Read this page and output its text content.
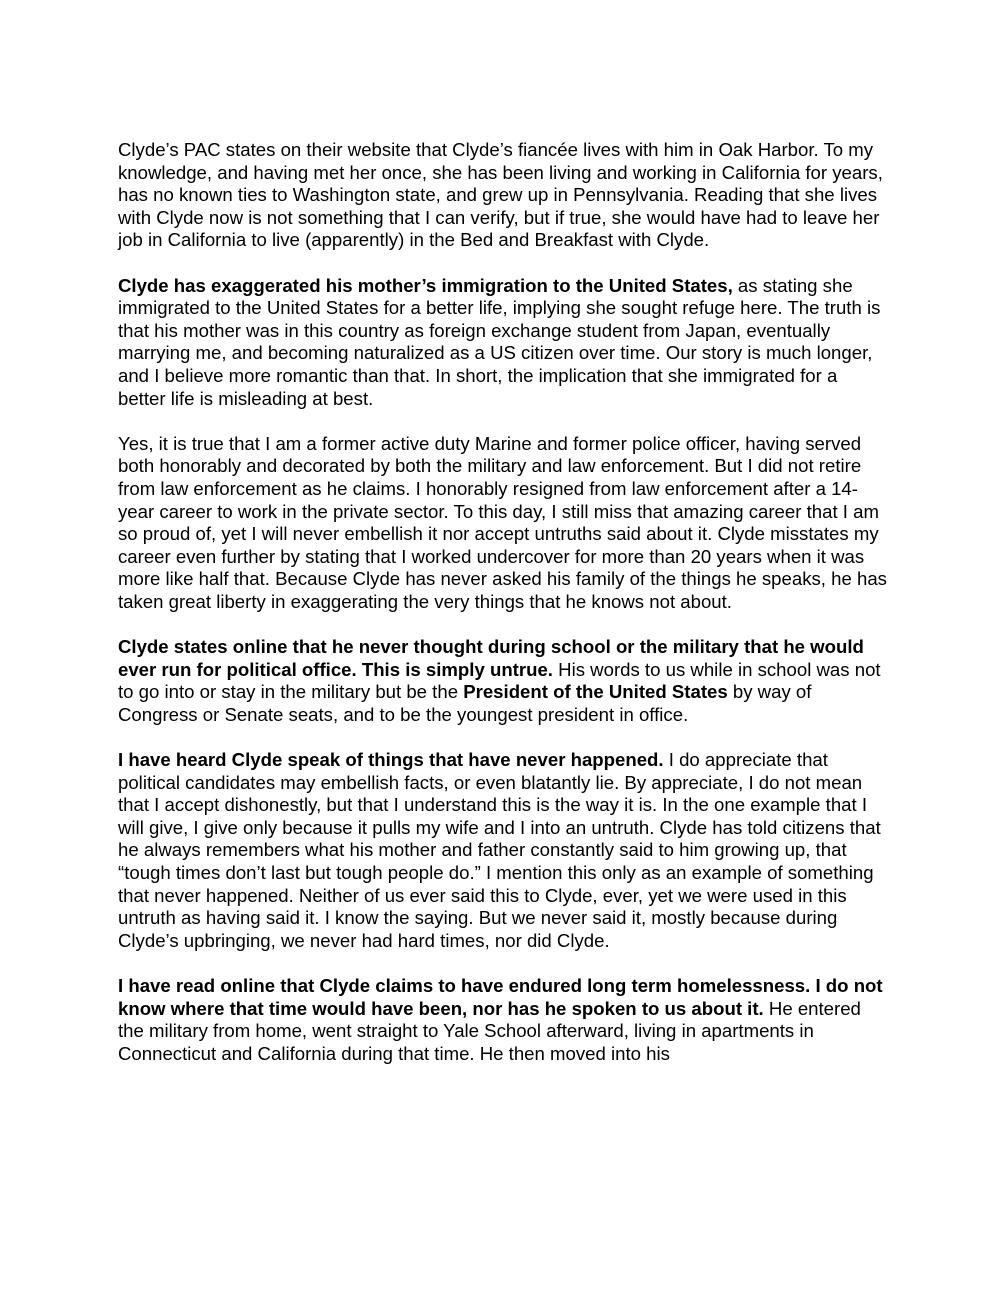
Clyde’s PAC states on their website that Clyde’s fiancée lives with him in Oak Harbor. To my knowledge, and having met her once, she has been living and working in California for years, has no known ties to Washington state, and grew up in Pennsylvania. Reading that she lives with Clyde now is not something that I can verify, but if true, she would have had to leave her job in California to live (apparently) in the Bed and Breakfast with Clyde.

Clyde has exaggerated his mother’s immigration to the United States, as stating she immigrated to the United States for a better life, implying she sought refuge here. The truth is that his mother was in this country as foreign exchange student from Japan, eventually marrying me, and becoming naturalized as a US citizen over time. Our story is much longer, and I believe more romantic than that. In short, the implication that she immigrated for a better life is misleading at best.

Yes, it is true that I am a former active duty Marine and former police officer, having served both honorably and decorated by both the military and law enforcement. But I did not retire from law enforcement as he claims. I honorably resigned from law enforcement after a 14-year career to work in the private sector. To this day, I still miss that amazing career that I am so proud of, yet I will never embellish it nor accept untruths said about it. Clyde misstates my career even further by stating that I worked undercover for more than 20 years when it was more like half that. Because Clyde has never asked his family of the things he speaks, he has taken great liberty in exaggerating the very things that he knows not about.

Clyde states online that he never thought during school or the military that he would ever run for political office. This is simply untrue. His words to us while in school was not to go into or stay in the military but be the President of the United States by way of Congress or Senate seats, and to be the youngest president in office.

I have heard Clyde speak of things that have never happened. I do appreciate that political candidates may embellish facts, or even blatantly lie. By appreciate, I do not mean that I accept dishonestly, but that I understand this is the way it is. In the one example that I will give, I give only because it pulls my wife and I into an untruth. Clyde has told citizens that he always remembers what his mother and father constantly said to him growing up, that “tough times don’t last but tough people do.” I mention this only as an example of something that never happened. Neither of us ever said this to Clyde, ever, yet we were used in this untruth as having said it. I know the saying. But we never said it, mostly because during Clyde’s upbringing, we never had hard times, nor did Clyde.

I have read online that Clyde claims to have endured long term homelessness. I do not know where that time would have been, nor has he spoken to us about it. He entered the military from home, went straight to Yale School afterward, living in apartments in Connecticut and California during that time. He then moved into his
